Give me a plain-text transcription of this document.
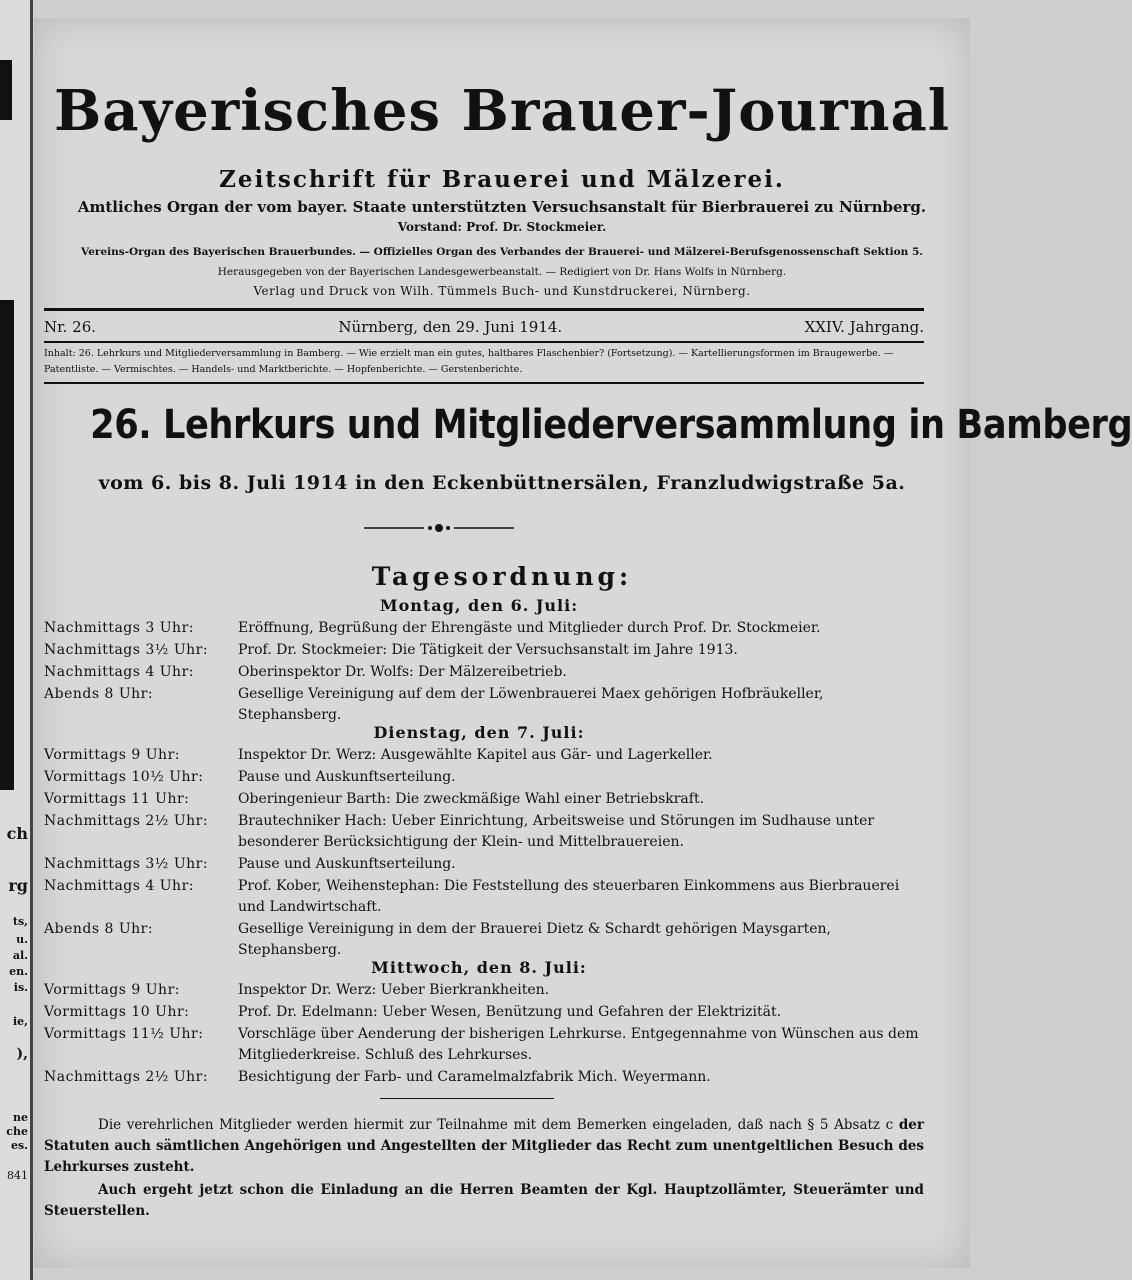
ch
rg
ts,
u.
al.
en.
is.
ie,
),
ne
che
es.
841
Bayerisches Brauer-Journal
Zeitschrift für Brauerei und Mälzerei.
Amtliches Organ der vom bayer. Staate unterstützten Versuchsanstalt für Bierbrauerei zu Nürnberg.
Vorstand: Prof. Dr. Stockmeier.
Vereins-Organ des Bayerischen Brauerbundes. — Offizielles Organ des Verbandes der Brauerei- und Mälzerei-Berufsgenossenschaft Sektion 5.
Herausgegeben von der Bayerischen Landesgewerbeanstalt. — Redigiert von Dr. Hans Wolfs in Nürnberg.
Verlag und Druck von Wilh. Tümmels Buch- und Kunstdruckerei, Nürnberg.
Nr. 26.	Nürnberg, den 29. Juni 1914.	XXIV. Jahrgang.
Inhalt: 26. Lehrkurs und Mitgliederversammlung in Bamberg. — Wie erzielt man ein gutes, haltbares Flaschenbier? (Fortsetzung). — Kartellierungsformen im Braugewerbe. — Patentliste. — Vermischtes. — Handels- und Marktberichte. — Hopfenberichte. — Gerstenberichte.
26. Lehrkurs und Mitgliederversammlung in Bamberg
vom 6. bis 8. Juli 1914 in den Eckenbüttnersälen, Franzludwigstraße 5a.
Tagesordnung:
Montag, den 6. Juli:
Nachmittags 3 Uhr:	Eröffnung, Begrüßung der Ehrengäste und Mitglieder durch Prof. Dr. Stockmeier.
Nachmittags 3½ Uhr:	Prof. Dr. Stockmeier: Die Tätigkeit der Versuchsanstalt im Jahre 1913.
Nachmittags 4 Uhr:	Oberinspektor Dr. Wolfs: Der Mälzereibetrieb.
Abends 8 Uhr:	Gesellige Vereinigung auf dem der Löwenbrauerei Maex gehörigen Hofbräukeller, Stephansberg.
Dienstag, den 7. Juli:
Vormittags 9 Uhr:	Inspektor Dr. Werz: Ausgewählte Kapitel aus Gär- und Lagerkeller.
Vormittags 10½ Uhr:	Pause und Auskunftserteilung.
Vormittags 11 Uhr:	Oberingenieur Barth: Die zweckmäßige Wahl einer Betriebskraft.
Nachmittags 2½ Uhr:	Brautechniker Hach: Ueber Einrichtung, Arbeitsweise und Störungen im Sudhause unter besonderer Berücksichtigung der Klein- und Mittelbrauereien.
Nachmittags 3½ Uhr:	Pause und Auskunftserteilung.
Nachmittags 4 Uhr:	Prof. Kober, Weihenstephan: Die Feststellung des steuerbaren Einkommens aus Bierbrauerei und Landwirtschaft.
Abends 8 Uhr:	Gesellige Vereinigung in dem der Brauerei Dietz & Schardt gehörigen Maysgarten, Stephansberg.
Mittwoch, den 8. Juli:
Vormittags 9 Uhr:	Inspektor Dr. Werz: Ueber Bierkrankheiten.
Vormittags 10 Uhr:	Prof. Dr. Edelmann: Ueber Wesen, Benützung und Gefahren der Elektrizität.
Vormittags 11½ Uhr:	Vorschläge über Aenderung der bisherigen Lehrkurse. Entgegennahme von Wünschen aus dem Mitgliederkreise. Schluß des Lehrkurses.
Nachmittags 2½ Uhr:	Besichtigung der Farb- und Caramelmalzfabrik Mich. Weyermann.
Die verehrlichen Mitglieder werden hiermit zur Teilnahme mit dem Bemerken eingeladen, daß nach § 5 Absatz c der Statuten auch sämtlichen Angehörigen und Angestellten der Mitglieder das Recht zum unentgeltlichen Besuch des Lehrkurses zusteht.
Auch ergeht jetzt schon die Einladung an die Herren Beamten der Kgl. Hauptzollämter, Steuerämter und Steuerstellen.
